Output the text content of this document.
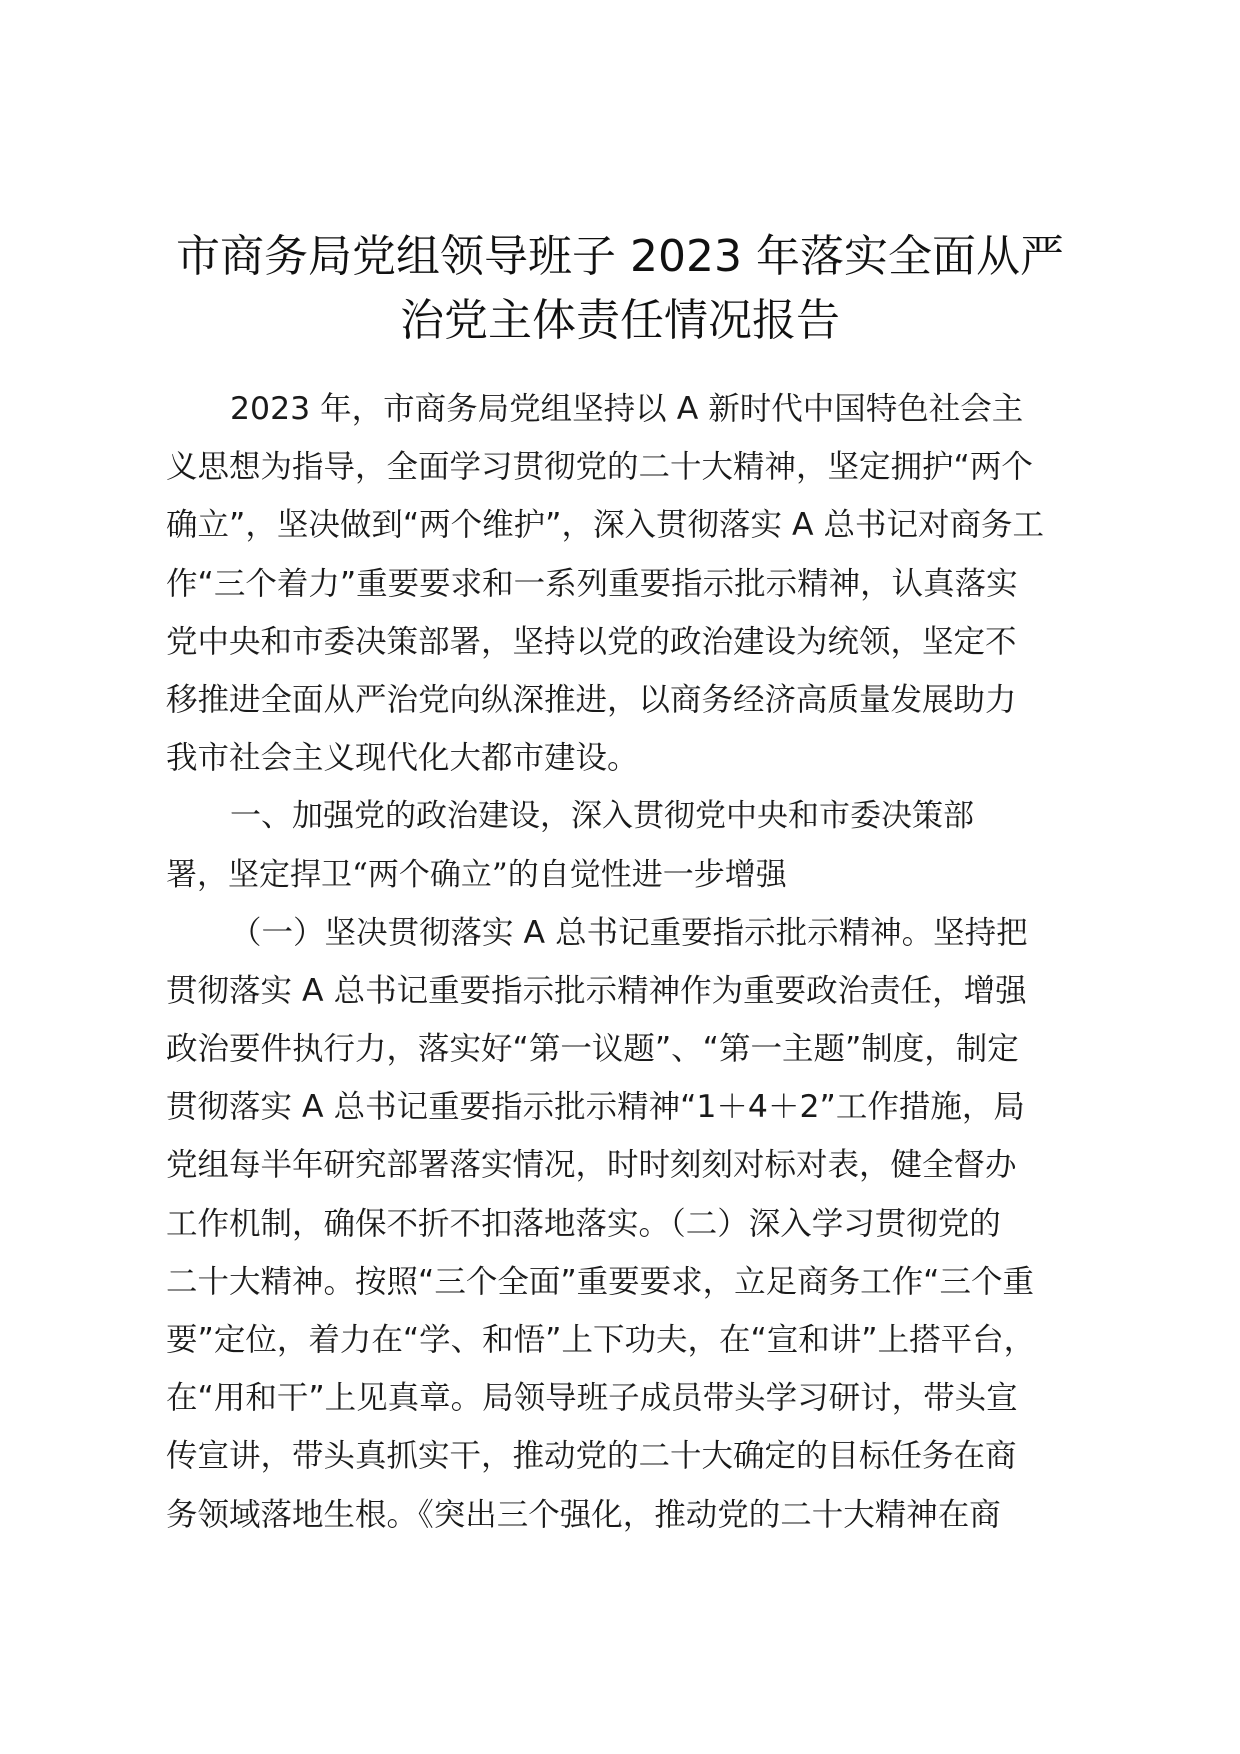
市商务局党组领导班子 2023 年落实全面从严
治党主体责任情况报告
2023 年，市商务局党组坚持以 A 新时代中国特色社会主
义思想为指导，全面学习贯彻党的二十大精神，坚定拥护“两个
确立”，坚决做到“两个维护”，深入贯彻落实 A 总书记对商务工
作“三个着力”重要要求和一系列重要指示批示精神，认真落实
党中央和市委决策部署，坚持以党的政治建设为统领，坚定不
移推进全面从严治党向纵深推进，以商务经济高质量发展助力
我市社会主义现代化大都市建设。
一、加强党的政治建设，深入贯彻党中央和市委决策部
署，坚定捍卫“两个确立”的自觉性进一步增强
（一）坚决贯彻落实 A 总书记重要指示批示精神。坚持把
贯彻落实 A 总书记重要指示批示精神作为重要政治责任，增强
政治要件执行力，落实好“第一议题”、“第一主题”制度，制定
贯彻落实 A 总书记重要指示批示精神“1＋4＋2”工作措施，局
党组每半年研究部署落实情况，时时刻刻对标对表，健全督办
工作机制，确保不折不扣落地落实。（二）深入学习贯彻党的
二十大精神。按照“三个全面”重要要求，立足商务工作“三个重
要”定位，着力在“学、和悟”上下功夫，在“宣和讲”上搭平台，
在“用和干”上见真章。局领导班子成员带头学习研讨，带头宣
传宣讲，带头真抓实干，推动党的二十大确定的目标任务在商
务领域落地生根。《突出三个强化，推动党的二十大精神在商
